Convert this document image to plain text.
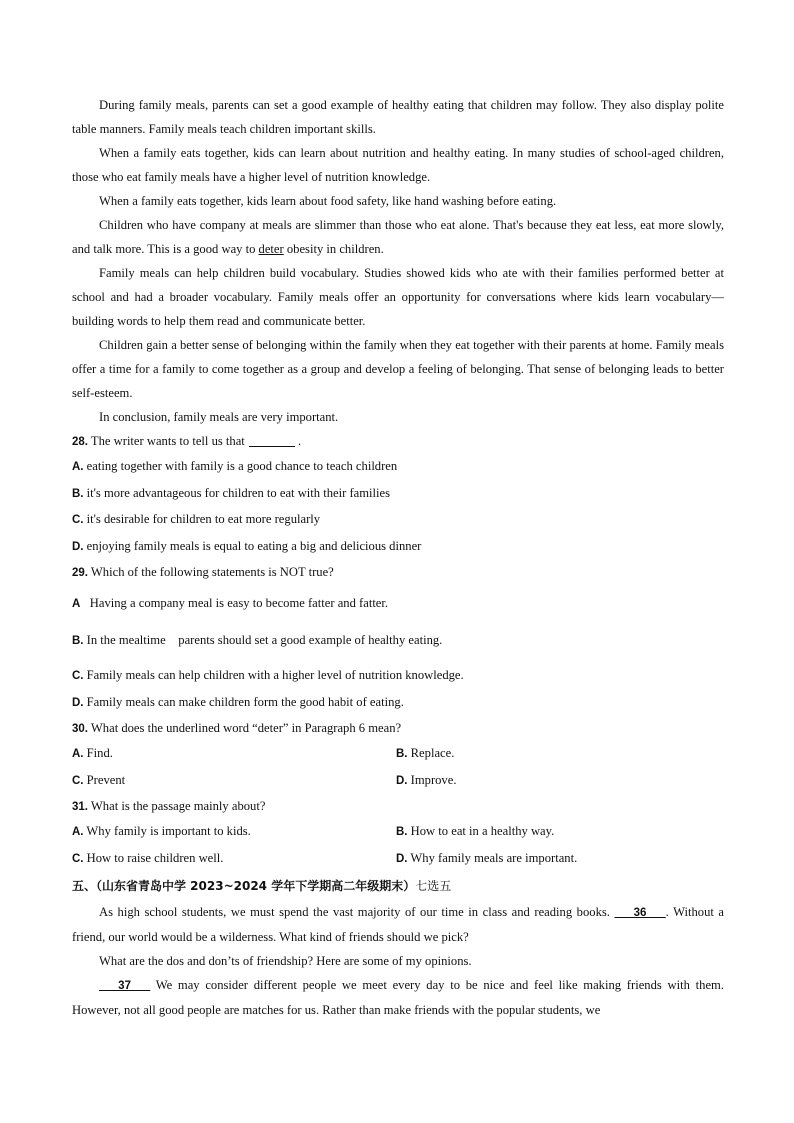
During family meals, parents can set a good example of healthy eating that children may follow. They also display polite table manners. Family meals teach children important skills.

When a family eats together, kids can learn about nutrition and healthy eating. In many studies of school-aged children, those who eat family meals have a higher level of nutrition knowledge.

When a family eats together, kids learn about food safety, like hand washing before eating.

Children who have company at meals are slimmer than those who eat alone. That's because they eat less, eat more slowly, and talk more. This is a good way to deter obesity in children.

Family meals can help children build vocabulary. Studies showed kids who ate with their families performed better at school and had a broader vocabulary. Family meals offer an opportunity for conversations where kids learn vocabulary—building words to help them read and communicate better.

Children gain a better sense of belonging within the family when they eat together with their parents at home. Family meals offer a time for a family to come together as a group and develop a feeling of belonging. That sense of belonging leads to better self-esteem.

In conclusion, family meals are very important.

28. The writer wants to tell us that	.

A. eating together with family is a good chance to teach children

B. it's more advantageous for children to eat with their families

C. it's desirable for children to eat more regularly

D. enjoying family meals is equal to eating a big and delicious dinner

29. Which of the following statements is NOT true?

A Having a company meal is easy to become fatter and fatter.

B. In the mealtime parents should set a good example of healthy eating.

C. Family meals can help children with a higher level of nutrition knowledge.

D. Family meals can make children form the good habit of eating.

30. What does the underlined word “deter” in Paragraph 6 mean?

A. Find.	B. Replace.

C. Prevent	D. Improve.

31. What is the passage mainly about?

A. Why family is important to kids.	B. How to eat in a healthy way.

C. How to raise children well.	D. Why family meals are important.

五、（山东省青岛中学 2023~2024 学年下学期高二年级期末）七选五

As high school students, we must spend the vast majority of our time in class and reading books. ___36___. Without a friend, our world would be a wilderness. What kind of friends should we pick?

What are the dos and don’ts of friendship? Here are some of my opinions.

___37___ We may consider different people we meet every day to be nice and feel like making friends with them. However, not all good people are matches for us. Rather than make friends with the popular students, we
